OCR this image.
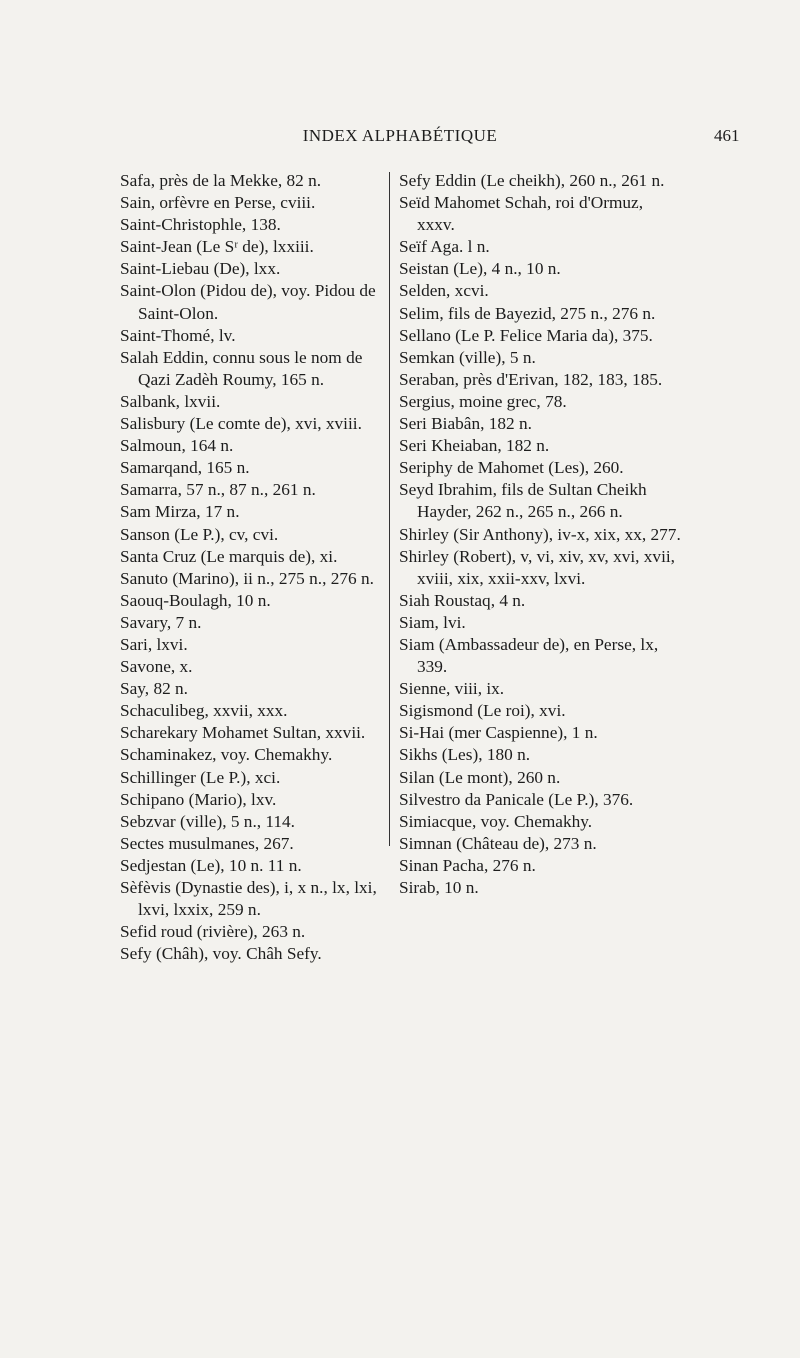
INDEX ALPHABÉTIQUE	461
Safa, près de la Mekke, 82 n.
Sain, orfèvre en Perse, cviii.
Saint-Christophle, 138.
Saint-Jean (Le Sʳ de), lxxiii.
Saint-Liebau (De), lxx.
Saint-Olon (Pidou de), voy. Pidou de Saint-Olon.
Saint-Thomé, lv.
Salah Eddin, connu sous le nom de Qazi Zadèh Roumy, 165 n.
Salbank, lxvii.
Salisbury (Le comte de), xvi, xviii.
Salmoun, 164 n.
Samarqand, 165 n.
Samarra, 57 n., 87 n., 261 n.
Sam Mirza, 17 n.
Sanson (Le P.), cv, cvi.
Santa Cruz (Le marquis de), xi.
Sanuto (Marino), ii n., 275 n., 276 n.
Saouq-Boulagh, 10 n.
Savary, 7 n.
Sari, lxvi.
Savone, x.
Say, 82 n.
Schaculibeg, xxvii, xxx.
Scharekary Mohamet Sultan, xxvii.
Schaminakez, voy. Chemakhy.
Schillinger (Le P.), xci.
Schipano (Mario), lxv.
Sebzvar (ville), 5 n., 114.
Sectes musulmanes, 267.
Sedjestan (Le), 10 n. 11 n.
Sèfèvis (Dynastie des), i, x n., lx, lxi, lxvi, lxxix, 259 n.
Sefid roud (rivière), 263 n.
Sefy (Châh), voy. Châh Sefy.
Sefy Eddin (Le cheikh), 260 n., 261 n.
Seïd Mahomet Schah, roi d'Ormuz, xxxv.
Seïf Aga. l n.
Seistan (Le), 4 n., 10 n.
Selden, xcvi.
Selim, fils de Bayezid, 275 n., 276 n.
Sellano (Le P. Felice Maria da), 375.
Semkan (ville), 5 n.
Seraban, près d'Erivan, 182, 183, 185.
Sergius, moine grec, 78.
Seri Biabân, 182 n.
Seri Kheiaban, 182 n.
Seriphy de Mahomet (Les), 260.
Seyd Ibrahim, fils de Sultan Cheikh Hayder, 262 n., 265 n., 266 n.
Shirley (Sir Anthony), iv-x, xix, xx, 277.
Shirley (Robert), v, vi, xiv, xv, xvi, xvii, xviii, xix, xxii-xxv, lxvi.
Siah Roustaq, 4 n.
Siam, lvi.
Siam (Ambassadeur de), en Perse, lx, 339.
Sienne, viii, ix.
Sigismond (Le roi), xvi.
Si-Hai (mer Caspienne), 1 n.
Sikhs (Les), 180 n.
Silan (Le mont), 260 n.
Silvestro da Panicale (Le P.), 376.
Simiacque, voy. Chemakhy.
Simnan (Château de), 273 n.
Sinan Pacha, 276 n.
Sirab, 10 n.
